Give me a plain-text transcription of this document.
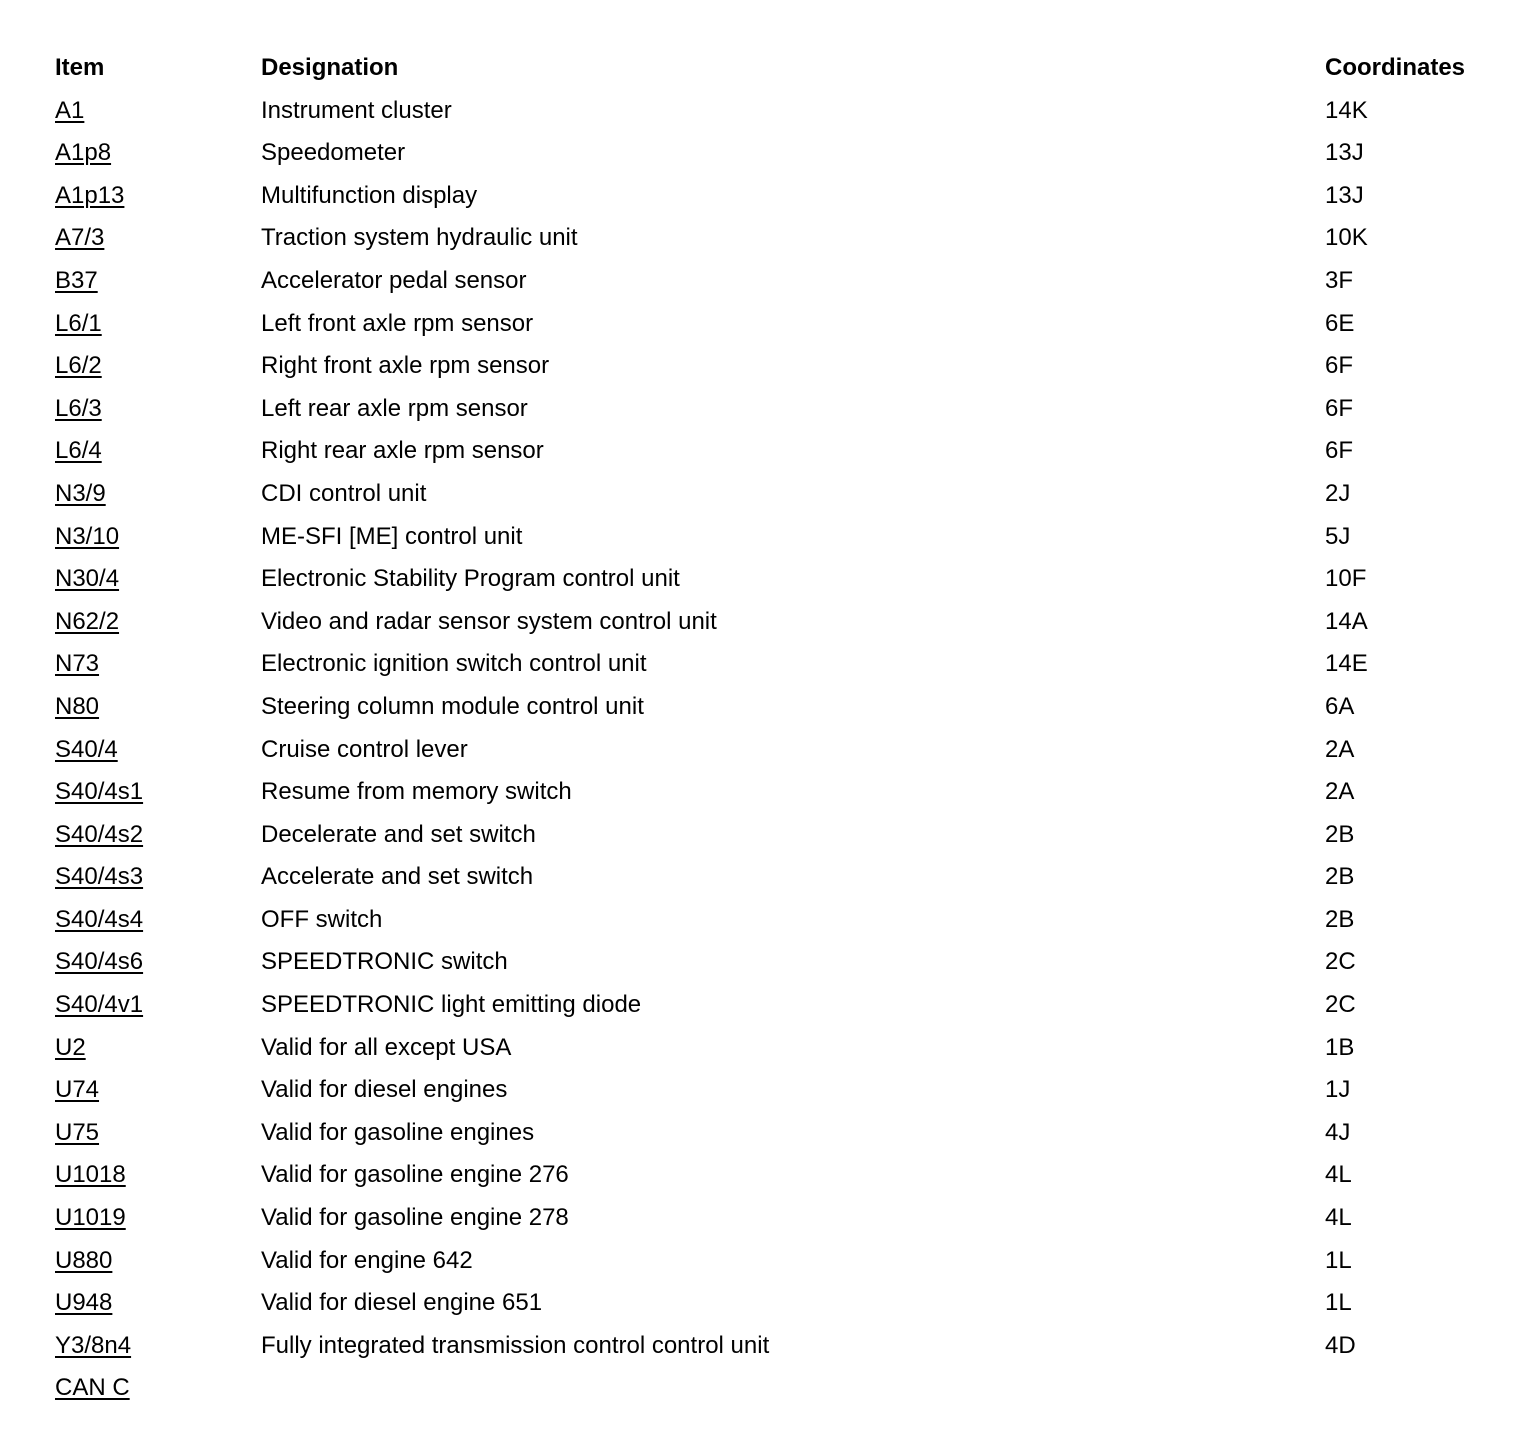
Item	Designation	Coordinates
A1	Instrument cluster	14K
A1p8	Speedometer	13J
A1p13	Multifunction display	13J
A7/3	Traction system hydraulic unit	10K
B37	Accelerator pedal sensor	3F
L6/1	Left front axle rpm sensor	6E
L6/2	Right front axle rpm sensor	6F
L6/3	Left rear axle rpm sensor	6F
L6/4	Right rear axle rpm sensor	6F
N3/9	CDI control unit	2J
N3/10	ME-SFI [ME] control unit	5J
N30/4	Electronic Stability Program control unit	10F
N62/2	Video and radar sensor system control unit	14A
N73	Electronic ignition switch control unit	14E
N80	Steering column module control unit	6A
S40/4	Cruise control lever	2A
S40/4s1	Resume from memory switch	2A
S40/4s2	Decelerate and set switch	2B
S40/4s3	Accelerate and set switch	2B
S40/4s4	OFF switch	2B
S40/4s6	SPEEDTRONIC switch	2C
S40/4v1	SPEEDTRONIC light emitting diode	2C
U2	Valid for all except USA	1B
U74	Valid for diesel engines	1J
U75	Valid for gasoline engines	4J
U1018	Valid for gasoline engine 276	4L
U1019	Valid for gasoline engine 278	4L
U880	Valid for engine 642	1L
U948	Valid for diesel engine 651	1L
Y3/8n4	Fully integrated transmission control control unit	4D
CAN C
